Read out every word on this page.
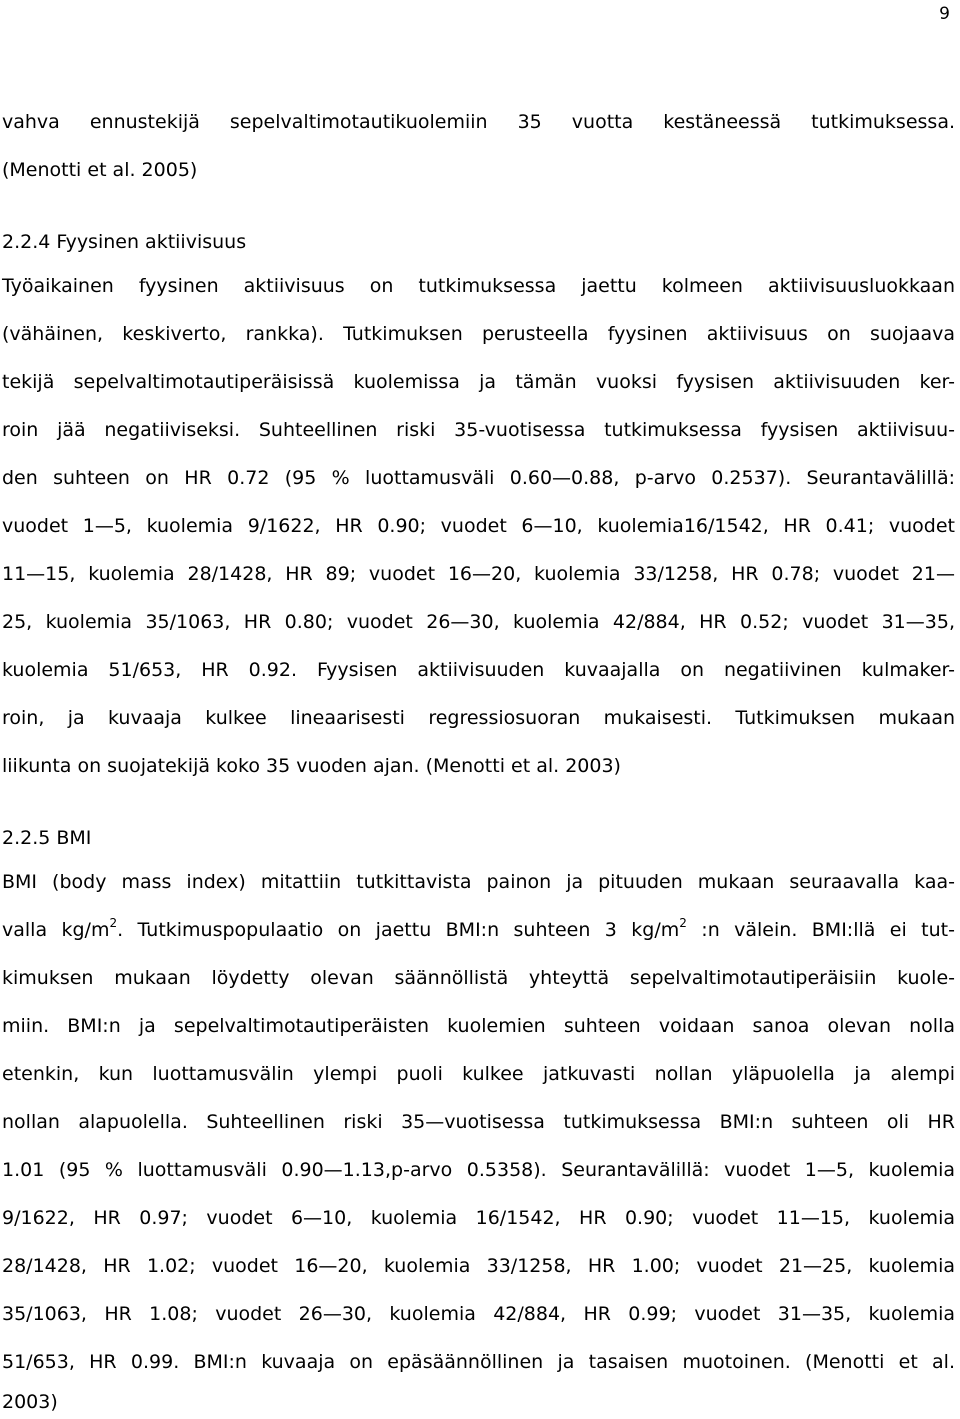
9
vahva ennustekijä sepelvaltimotautikuolemiin 35 vuotta kestäneessä tutkimuksessa.
(Menotti et al. 2005)
2.2.4 Fyysinen aktiivisuus
Työaikainen fyysinen aktiivisuus on tutkimuksessa jaettu kolmeen aktiivisuusluokkaan
(vähäinen, keskiverto, rankka). Tutkimuksen perusteella fyysinen aktiivisuus on suojaava
tekijä sepelvaltimotautiperäisissä kuolemissa ja tämän vuoksi fyysisen aktiivisuuden ker-
roin jää negatiiviseksi. Suhteellinen riski 35-vuotisessa tutkimuksessa fyysisen aktiivisuu-
den suhteen on HR 0.72 (95 % luottamusväli 0.60—0.88, p-arvo 0.2537). Seurantavälillä:
vuodet 1—5, kuolemia 9/1622, HR 0.90; vuodet 6—10, kuolemia16/1542, HR 0.41; vuodet
11—15, kuolemia 28/1428, HR 89; vuodet 16—20, kuolemia 33/1258, HR 0.78; vuodet 21—
25, kuolemia 35/1063, HR 0.80; vuodet 26—30, kuolemia 42/884, HR 0.52; vuodet 31—35,
kuolemia 51/653, HR 0.92. Fyysisen aktiivisuuden kuvaajalla on negatiivinen kulmaker-
roin, ja kuvaaja kulkee lineaarisesti regressiosuoran mukaisesti. Tutkimuksen mukaan
liikunta on suojatekijä koko 35 vuoden ajan. (Menotti et al. 2003)
2.2.5 BMI
BMI (body mass index) mitattiin tutkittavista painon ja pituuden mukaan seuraavalla kaa-
valla $kg/m^2$. Tutkimuspopulaatio on jaettu BMI:n suhteen 3 $kg/m^2$ :n välein. BMI:llä ei tut-
kimuksen mukaan löydetty olevan säännöllistä yhteyttä sepelvaltimotautiperäisiin kuole-
miin. BMI:n ja sepelvaltimotautiperäisten kuolemien suhteen voidaan sanoa olevan nolla
etenkin, kun luottamusvälin ylempi puoli kulkee jatkuvasti nollan yläpuolella ja alempi
nollan alapuolella. Suhteellinen riski 35—vuotisessa tutkimuksessa BMI:n suhteen oli HR
1.01 (95 % luottamusväli 0.90—1.13,p-arvo 0.5358). Seurantavälillä: vuodet 1—5, kuolemia
9/1622, HR 0.97; vuodet 6—10, kuolemia 16/1542, HR 0.90; vuodet 11—15, kuolemia
28/1428, HR 1.02; vuodet 16—20, kuolemia 33/1258, HR 1.00; vuodet 21—25, kuolemia
35/1063, HR 1.08; vuodet 26—30, kuolemia 42/884, HR 0.99; vuodet 31—35, kuolemia
51/653, HR 0.99. BMI:n kuvaaja on epäsäännöllinen ja tasaisen muotoinen. (Menotti et al.
2003)
